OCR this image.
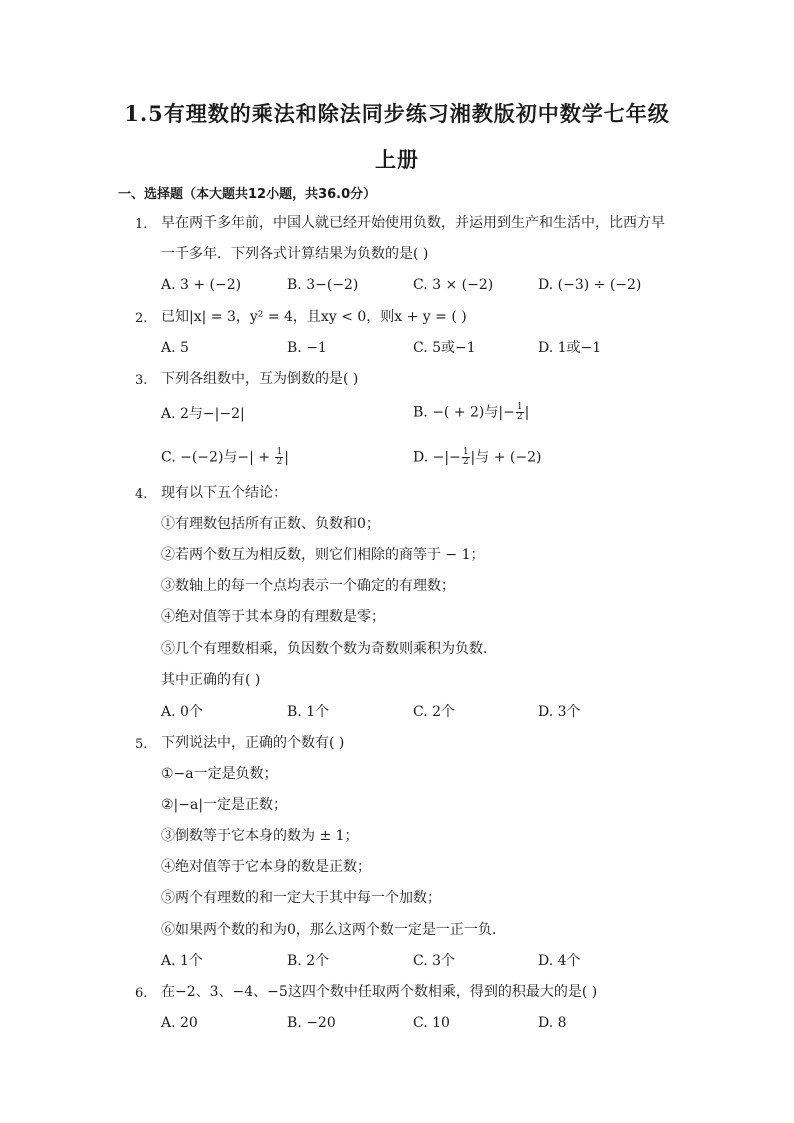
1.5有理数的乘法和除法同步练习湘教版初中数学七年级
上册
一、选择题（本大题共12小题，共36.0分）
1. 早在两千多年前，中国人就已经开始使用负数，并运用到生产和生活中，比西方早
一千多年．下列各式计算结果为负数的是( )
A. 3 + (−2)	B. 3−(−2)	C. 3 × (−2)	D. (−3) ÷ (−2)
2. 已知|x| = 3，y² = 4，且xy < 0，则x + y = ( )
A. 5	B. −1	C. 5或−1	D. 1或−1
3. 下列各组数中，互为倒数的是( )
A. 2与−|−2|	B. −( + 2)与|− $\frac{1}{2}$ |
C. −(−2)与−| + $\frac{1}{2}$ |	D. −|− $\frac{1}{2}$ |与 + (−2)
4. 现有以下五个结论：
①有理数包括所有正数、负数和0；
②若两个数互为相反数，则它们相除的商等于 − 1；
③数轴上的每一个点均表示一个确定的有理数；
④绝对值等于其本身的有理数是零；
⑤几个有理数相乘，负因数个数为奇数则乘积为负数．
其中正确的有( )
A. 0个	B. 1个	C. 2个	D. 3个
5. 下列说法中，正确的个数有( )
①−a一定是负数；
②|−a|一定是正数；
③倒数等于它本身的数为 ± 1；
④绝对值等于它本身的数是正数；
⑤两个有理数的和一定大于其中每一个加数；
⑥如果两个数的和为0，那么这两个数一定是一正一负．
A. 1个	B. 2个	C. 3个	D. 4个
6. 在−2、3、−4、−5这四个数中任取两个数相乘，得到的积最大的是( )
A. 20	B. −20	C. 10	D. 8
